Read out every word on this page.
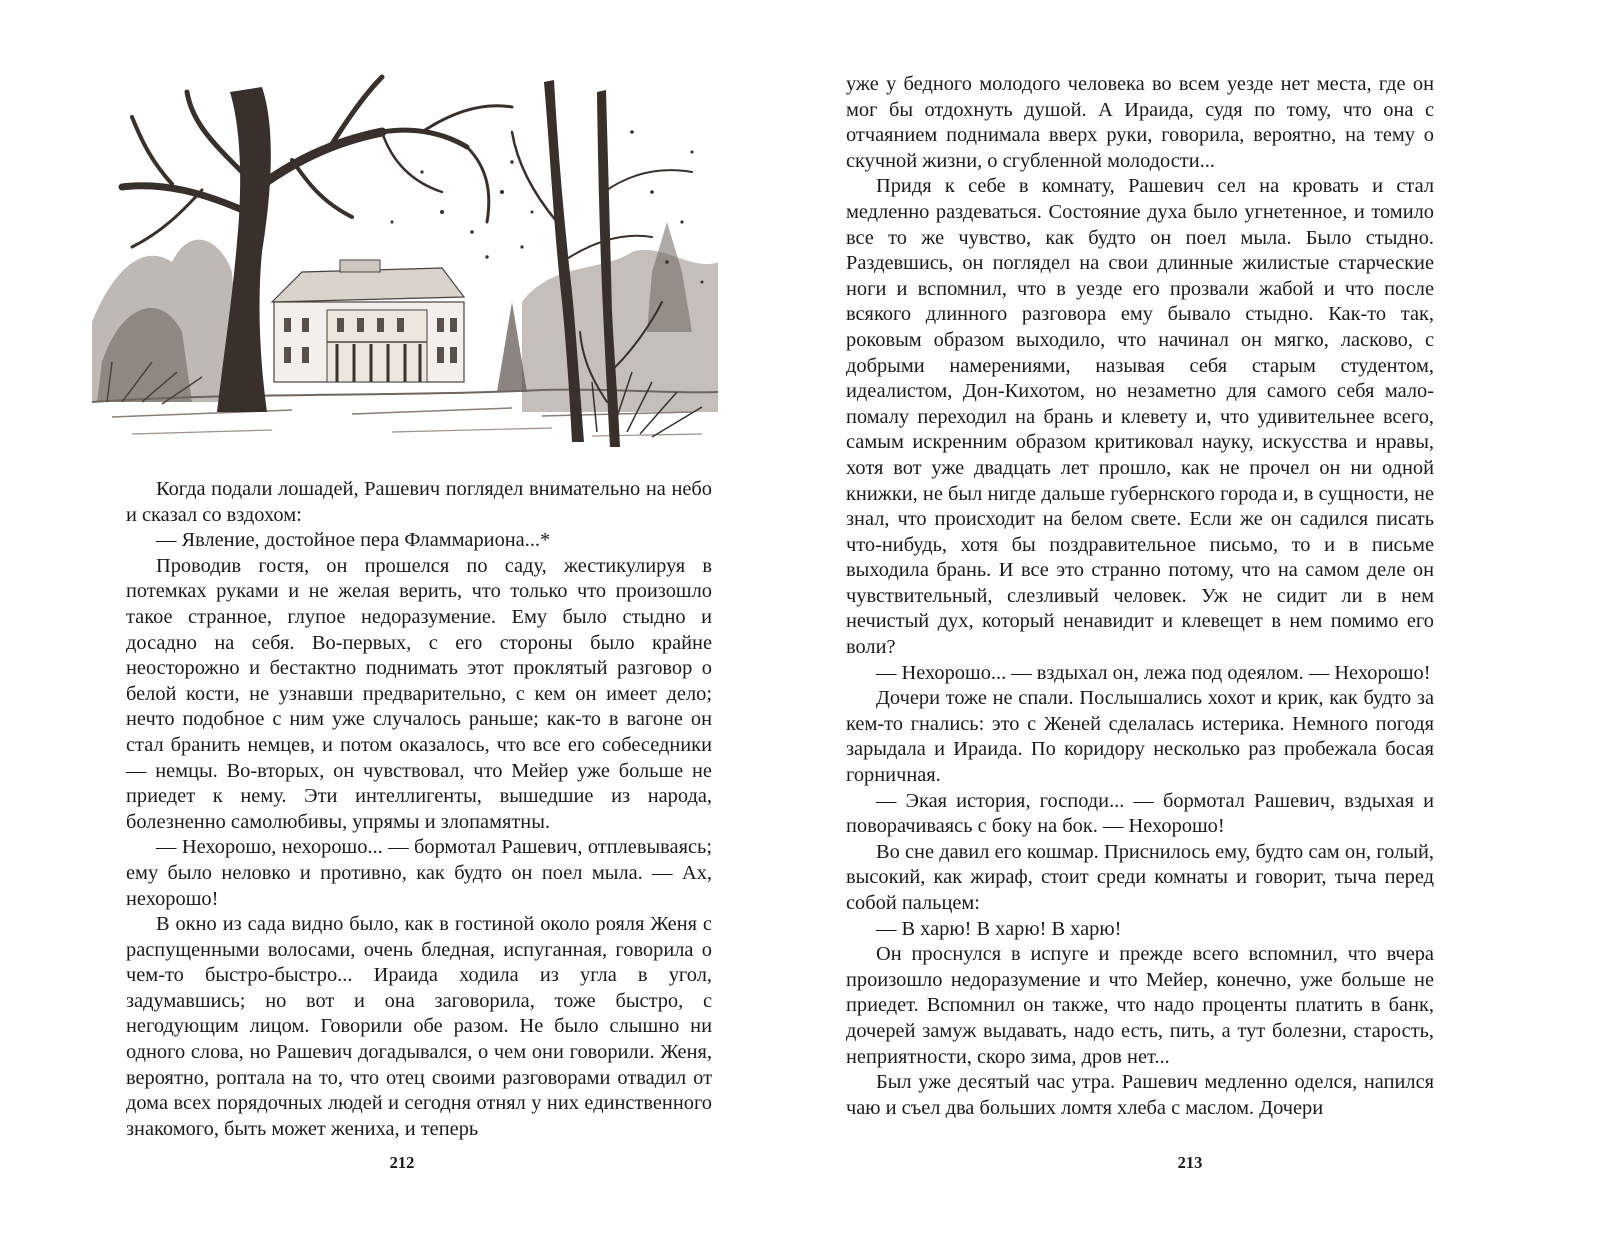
Когда подали лошадей, Рашевич поглядел внимательно на небо и сказал со вздохом:

— Явление, достойное пера Фламмариона...*

Проводив гостя, он прошелся по саду, жестикулируя в потемках руками и не желая верить, что только что произошло такое странное, глупое недоразумение. Ему было стыдно и досадно на себя. Во-первых, с его стороны было крайне неосторожно и бестактно поднимать этот проклятый разговор о белой кости, не узнавши предварительно, с кем он имеет дело; нечто подобное с ним уже случалось раньше; как-то в вагоне он стал бранить немцев, и потом оказалось, что все его собеседники — немцы. Во-вторых, он чувствовал, что Мейер уже больше не приедет к нему. Эти интеллигенты, вышедшие из народа, болезненно самолюбивы, упрямы и злопамятны.

— Нехорошо, нехорошо... — бормотал Рашевич, отплевываясь; ему было неловко и противно, как будто он поел мыла. — Ах, нехорошо!

В окно из сада видно было, как в гостиной около рояля Женя с распущенными волосами, очень бледная, испуганная, говорила о чем-то быстро-быстро... Ираида ходила из угла в угол, задумавшись; но вот и она заговорила, тоже быстро, с негодующим лицом. Говорили обе разом. Не было слышно ни одного слова, но Рашевич догадывался, о чем они говорили. Женя, вероятно, роптала на то, что отец своими разговорами отвадил от дома всех порядочных людей и сегодня отнял у них единственного знакомого, быть может жениха, и теперь

212

уже у бедного молодого человека во всем уезде нет места, где он мог бы отдохнуть душой. А Ираида, судя по тому, что она с отчаянием поднимала вверх руки, говорила, вероятно, на тему о скучной жизни, о сгубленной молодости...

Придя к себе в комнату, Рашевич сел на кровать и стал медленно раздеваться. Состояние духа было угнетенное, и томило все то же чувство, как будто он поел мыла. Было стыдно. Раздевшись, он поглядел на свои длинные жилистые старческие ноги и вспомнил, что в уезде его прозвали жабой и что после всякого длинного разговора ему бывало стыдно. Как-то так, роковым образом выходило, что начинал он мягко, ласково, с добрыми намерениями, называя себя старым студентом, идеалистом, Дон-Кихотом, но незаметно для самого себя мало-помалу переходил на брань и клевету и, что удивительнее всего, самым искренним образом критиковал науку, искусства и нравы, хотя вот уже двадцать лет прошло, как не прочел он ни одной книжки, не был нигде дальше губернского города и, в сущности, не знал, что происходит на белом свете. Если же он садился писать что-нибудь, хотя бы поздравительное письмо, то и в письме выходила брань. И все это странно потому, что на самом деле он чувствительный, слезливый человек. Уж не сидит ли в нем нечистый дух, который ненавидит и клевещет в нем помимо его воли?

— Нехорошо... — вздыхал он, лежа под одеялом. — Нехорошо!

Дочери тоже не спали. Послышались хохот и крик, как будто за кем-то гнались: это с Женей сделалась истерика. Немного погодя зарыдала и Ираида. По коридору несколько раз пробежала босая горничная.

— Экая история, господи... — бормотал Рашевич, вздыхая и поворачиваясь с боку на бок. — Нехорошо!

Во сне давил его кошмар. Приснилось ему, будто сам он, голый, высокий, как жираф, стоит среди комнаты и говорит, тыча перед собой пальцем:

— В харю! В харю! В харю!

Он проснулся в испуге и прежде всего вспомнил, что вчера произошло недоразумение и что Мейер, конечно, уже больше не приедет. Вспомнил он также, что надо проценты платить в банк, дочерей замуж выдавать, надо есть, пить, а тут болезни, старость, неприятности, скоро зима, дров нет...

Был уже десятый час утра. Рашевич медленно оделся, напился чаю и съел два больших ломтя хлеба с маслом. Дочери

213
